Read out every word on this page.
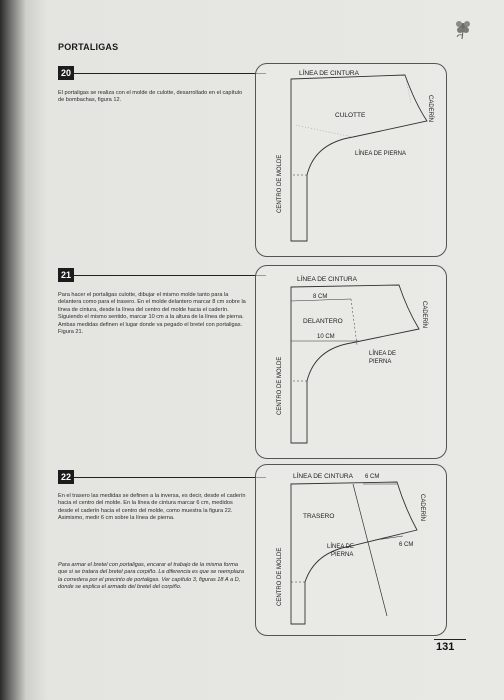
PORTALIGAS
20
El portaligas se realiza con el molde de culotte, desarrollado en el capítulo de bombachas, figura 12.
LÍNEA DE CINTURA
CADERÍN
CULOTTE
LÍNEA DE PIERNA
CENTRO DE MOLDE
21
Para hacer el portaligas culotte, dibujar el mismo molde tanto para la delantera como para el trasero. En el molde delantero marcar 8 cm sobre la línea de cintura, desde la línea del centro del molde hacia el caderín. Siguiendo el mismo sentido, marcar 10 cm a la altura de la línea de pierna. Ambas medidas definen el lugar donde va pegado el bretel con portaligas. Figura 21.
LÍNEA DE CINTURA
CADERÍN
8 CM
DELANTERO
10 CM
LÍNEA DE
PIERNA
CENTRO DE MOLDE
22
En el trasero las medidas se definen a la inversa, es decir, desde el caderín hacia el centro del molde. En la línea de cintura marcar 6 cm, medidos desde el caderín hacia el centro del molde, como muestra la figura 22. Asimismo, medir 6 cm sobre la línea de pierna.
Para armar el bretel con portaligas, encarar el trabajo de la misma forma que si se tratara del bretel para corpiño. La diferencia es que se reemplaza la correderа por el precinto de portaligas. Ver capítulo 3, figuras 18 A a D, donde se explica el armado del bretel del corpiño.
LÍNEA DE CINTURA 6 CM
CADERÍN
TRASERO
6 CM
LÍNEA DE
PIERNA
CENTRO DE MOLDE
131
